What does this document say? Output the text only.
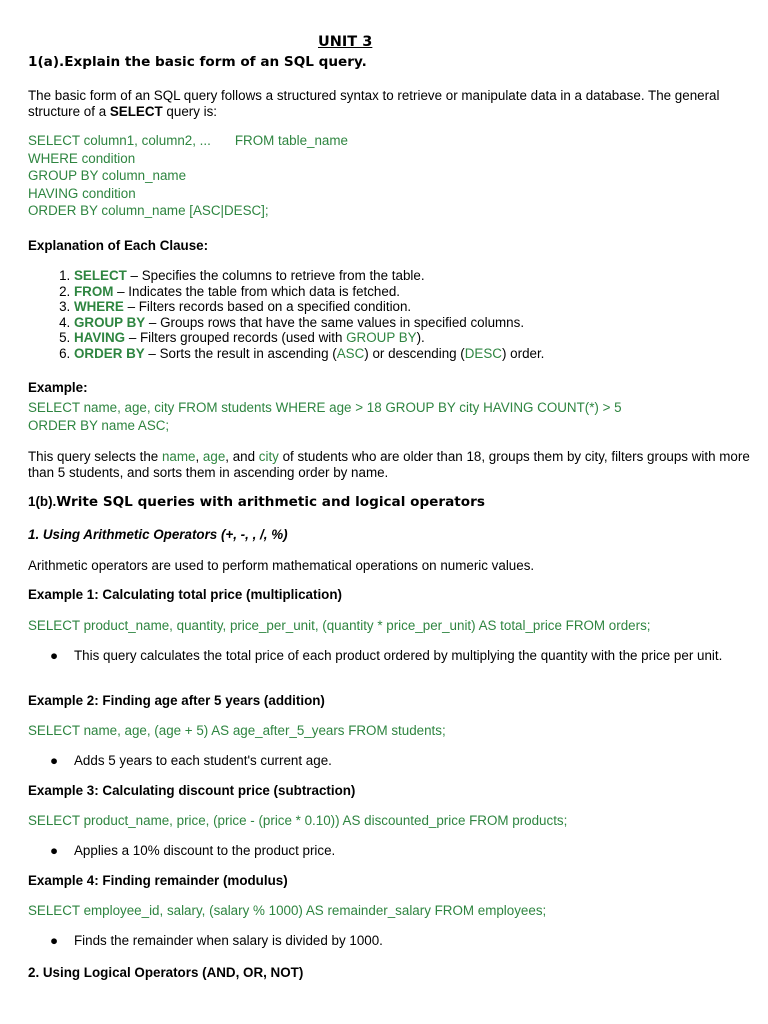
UNIT 3
1(a).Explain the basic form of an SQL query.
The basic form of an SQL query follows a structured syntax to retrieve or manipulate data in a database. The general structure of a SELECT query is:
SELECT column1, column2, ... FROM table_name
WHERE condition
GROUP BY column_name
HAVING condition
ORDER BY column_name [ASC|DESC];
Explanation of Each Clause:
1. SELECT – Specifies the columns to retrieve from the table.
2. FROM – Indicates the table from which data is fetched.
3. WHERE – Filters records based on a specified condition.
4. GROUP BY – Groups rows that have the same values in specified columns.
5. HAVING – Filters grouped records (used with GROUP BY).
6. ORDER BY – Sorts the result in ascending (ASC) or descending (DESC) order.
Example:
SELECT name, age, city FROM students WHERE age > 18 GROUP BY city HAVING COUNT(*) > 5
ORDER BY name ASC;
This query selects the name, age, and city of students who are older than 18, groups them by city, filters groups with more than 5 students, and sorts them in ascending order by name.
1(b).Write SQL queries with arithmetic and logical operators
1. Using Arithmetic Operators (+, -, , /, %)
Arithmetic operators are used to perform mathematical operations on numeric values.
Example 1: Calculating total price (multiplication)
SELECT product_name, quantity, price_per_unit, (quantity * price_per_unit) AS total_price FROM orders;
● This query calculates the total price of each product ordered by multiplying the quantity with the price per unit.
Example 2: Finding age after 5 years (addition)
SELECT name, age, (age + 5) AS age_after_5_years FROM students;
● Adds 5 years to each student's current age.
Example 3: Calculating discount price (subtraction)
SELECT product_name, price, (price - (price * 0.10)) AS discounted_price FROM products;
● Applies a 10% discount to the product price.
Example 4: Finding remainder (modulus)
SELECT employee_id, salary, (salary % 1000) AS remainder_salary FROM employees;
● Finds the remainder when salary is divided by 1000.
2. Using Logical Operators (AND, OR, NOT)
